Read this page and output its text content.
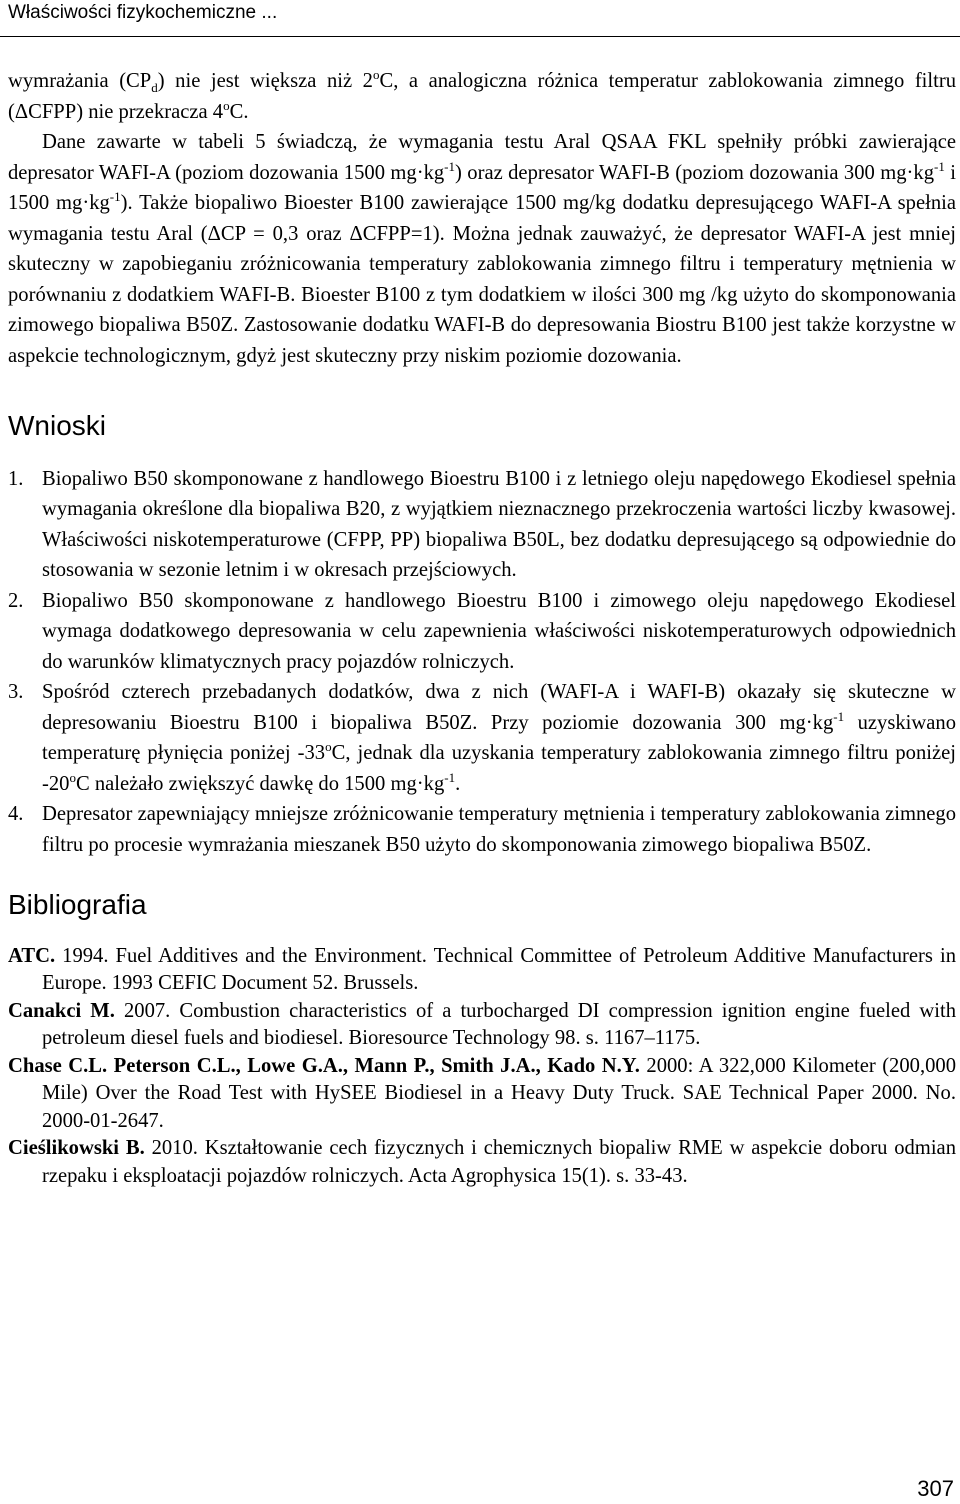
Właściwości fizykochemiczne ...

wymrażania $(CP_d)$ nie jest większa niż 2$^o$C, a analogiczna różnica temperatur zablokowania zimnego filtru (ΔCFPP) nie przekracza 4$^o$C.

Dane zawarte w tabeli 5 świadczą, że wymagania testu Aral QSAA FKL spełniły próbki zawierające depresator WAFI-A (poziom dozowania 1500 $mg\cdot kg^{-1}$) oraz depresator WAFI-B (poziom dozowania 300 $mg\cdot kg^{-1}$ i 1500 $mg\cdot kg^{-1}$). Także biopaliwo Bioester B100 zawierające 1500 mg/kg dodatku depresującego WAFI-A spełnia wymagania testu Aral (ΔCP = 0,3 oraz ΔCFPP=1). Można jednak zauważyć, że depresator WAFI-A jest mniej skuteczny w zapobieganiu zróżnicowania temperatury zablokowania zimnego filtru i temperatury mętnienia w porównaniu z dodatkiem WAFI-B. Bioester B100 z tym dodatkiem w ilości 300 mg /kg użyto do skomponowania zimowego biopaliwa B50Z. Zastosowanie dodatku WAFI-B do depresowania Biostru B100 jest także korzystne w aspekcie technologicznym, gdyż jest skuteczny przy niskim poziomie dozowania.

Wnioski
1. Biopaliwo B50 skomponowane z handlowego Bioestru B100 i z letniego oleju napędowego Ekodiesel spełnia wymagania określone dla biopaliwa B20, z wyjątkiem nieznacznego przekroczenia wartości liczby kwasowej. Właściwości niskotemperaturowe (CFPP, PP) biopaliwa B50L, bez dodatku depresującego są odpowiednie do stosowania w sezonie letnim i w okresach przejściowych.
2. Biopaliwo B50 skomponowane z handlowego Bioestru B100 i zimowego oleju napędowego Ekodiesel wymaga dodatkowego depresowania w celu zapewnienia właściwości niskotemperaturowych odpowiednich do warunków klimatycznych pracy pojazdów rolniczych.
3. Spośród czterech przebadanych dodatków, dwa z nich (WAFI-A i WAFI-B) okazały się skuteczne w depresowaniu Bioestru B100 i biopaliwa B50Z. Przy poziomie dozowania 300 $mg\cdot kg^{-1}$ uzyskiwano temperaturę płynięcia poniżej -33$^o$C, jednak dla uzyskania temperatury zablokowania zimnego filtru poniżej -20$^o$C należało zwiększyć dawkę do 1500 $mg\cdot kg^{-1}$.
4. Depresator zapewniający mniejsze zróżnicowanie temperatury mętnienia i temperatury zablokowania zimnego filtru po procesie wymrażania mieszanek B50 użyto do skomponowania zimowego biopaliwa B50Z.
Bibliografia

ATC. 1994. Fuel Additives and the Environment. Technical Committee of Petroleum Additive Manufacturers in Europe. 1993 CEFIC Document 52. Brussels.

Canakci M. 2007. Combustion characteristics of a turbocharged DI compression ignition engine fueled with petroleum diesel fuels and biodiesel. Bioresource Technology 98. s. 1167–1175.

Chase C.L. Peterson C.L., Lowe G.A., Mann P., Smith J.A., Kado N.Y. 2000: A 322,000 Kilometer (200,000 Mile) Over the Road Test with HySEE Biodiesel in a Heavy Duty Truck. SAE Technical Paper 2000. No. 2000-01-2647.

Cieślikowski B. 2010. Kształtowanie cech fizycznych i chemicznych biopaliw RME w aspekcie doboru odmian rzepaku i eksploatacji pojazdów rolniczych. Acta Agrophysica 15(1). s. 33-43.

307
